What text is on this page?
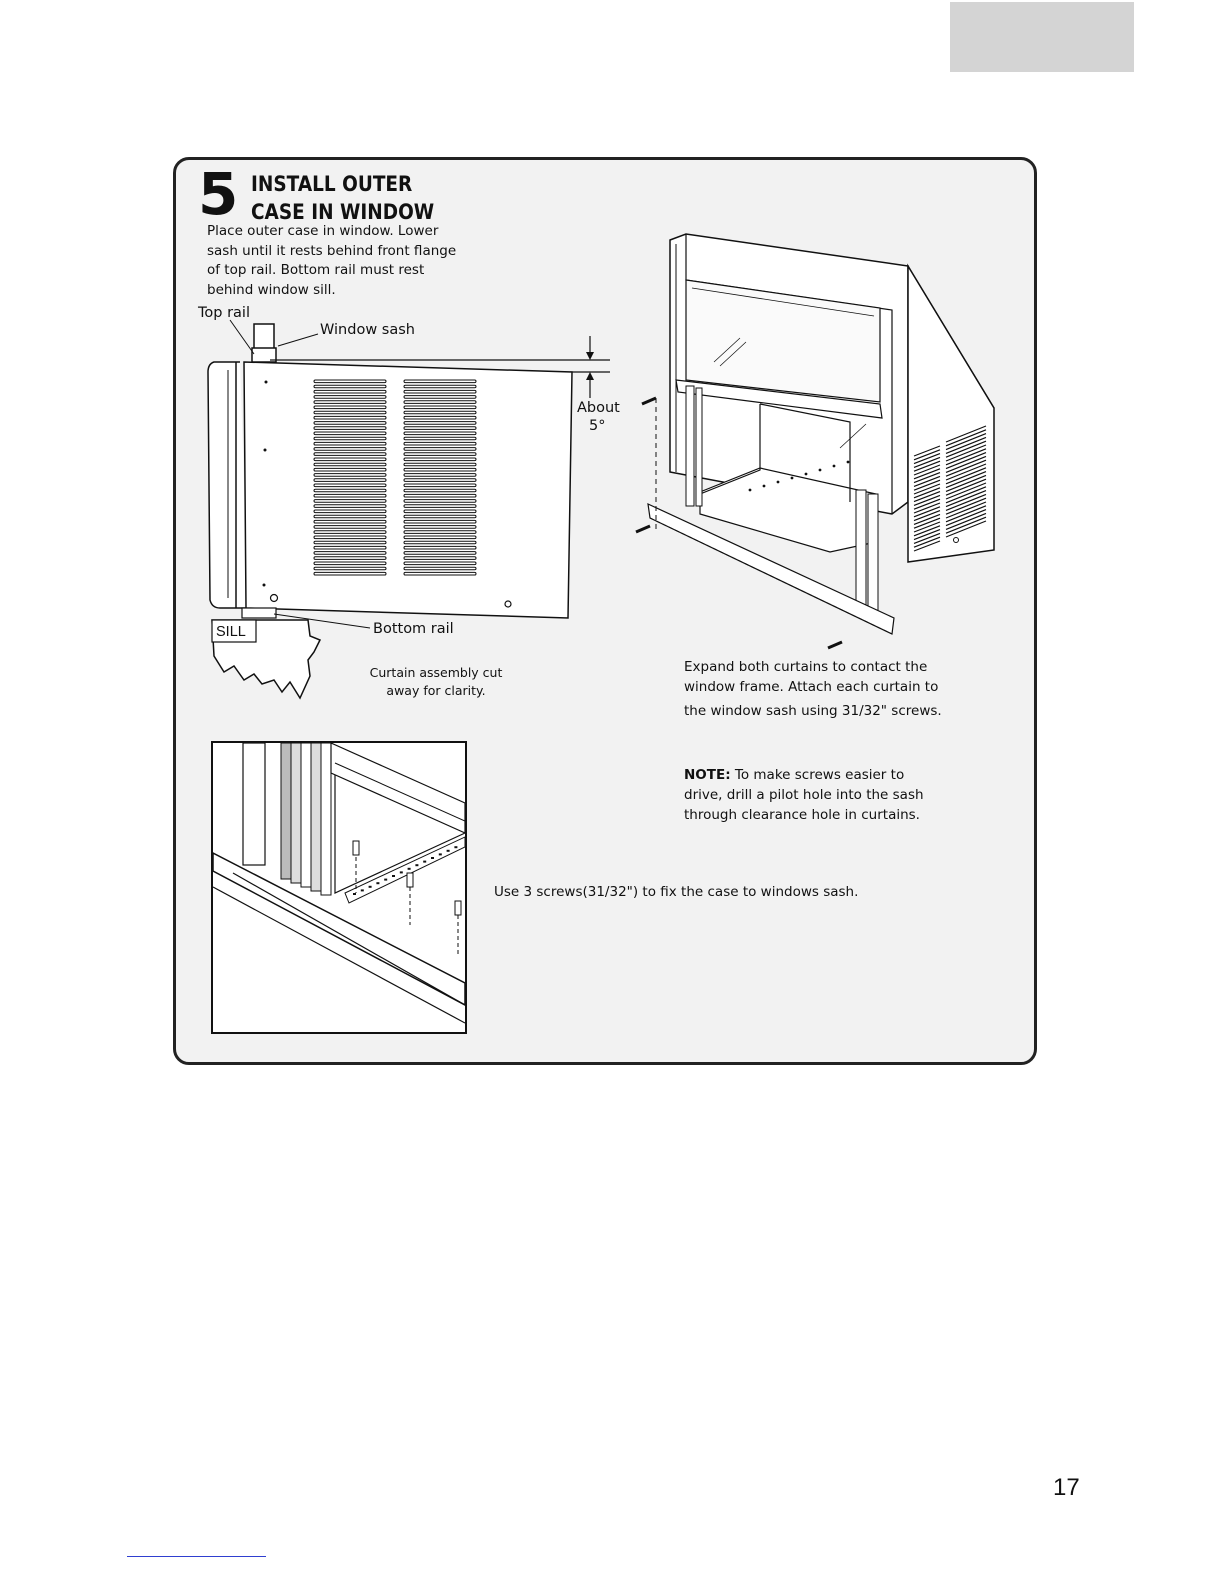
5 INSTALL OUTER
CASE IN WINDOW
Place outer case in window. Lower
sash until it rests behind front flange
of top rail. Bottom rail must rest
behind window sill.
Top rail
Window sash
About
5°
SILL	Bottom rail
Curtain assembly cut
away for clarity.
Expand both curtains to contact the
window frame. Attach each curtain to
the window sash using 31/32" screws.
NOTE: To make screws easier to
drive, drill a pilot hole into the sash
through clearance hole in curtains.
Use 3 screws(31/32") to fix the case to windows sash.
17
